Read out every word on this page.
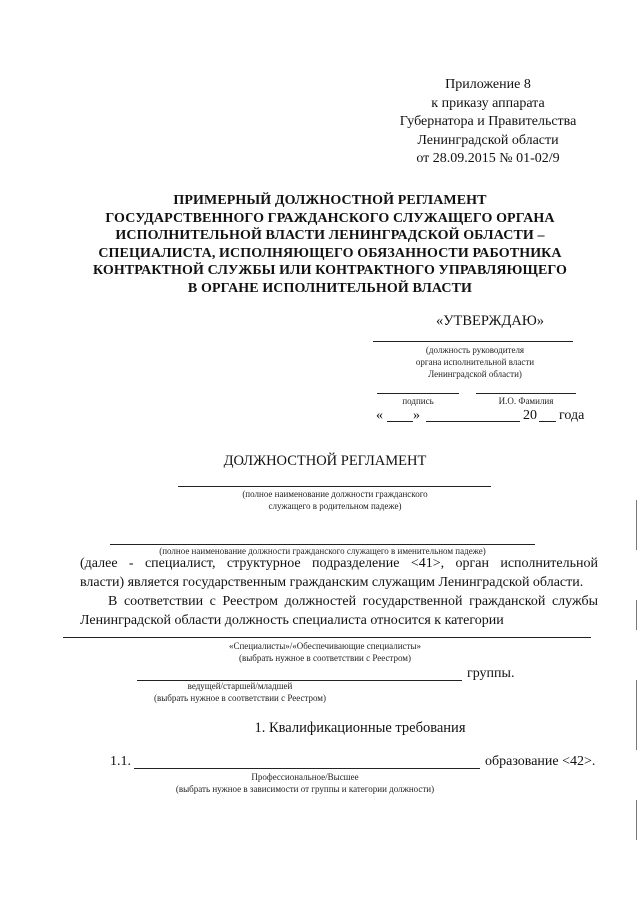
Приложение 8
к приказу аппарата
Губернатора и Правительства
Ленинградской области
от 28.09.2015 № 01-02/9
ПРИМЕРНЫЙ ДОЛЖНОСТНОЙ РЕГЛАМЕНТ
ГОСУДАРСТВЕННОГО ГРАЖДАНСКОГО СЛУЖАЩЕГО ОРГАНА
ИСПОЛНИТЕЛЬНОЙ ВЛАСТИ ЛЕНИНГРАДСКОЙ ОБЛАСТИ –
СПЕЦИАЛИСТА, ИСПОЛНЯЮЩЕГО ОБЯЗАННОСТИ РАБОТНИКА
КОНТРАКТНОЙ СЛУЖБЫ ИЛИ КОНТРАКТНОГО УПРАВЛЯЮЩЕГО
В ОРГАНЕ ИСПОЛНИТЕЛЬНОЙ ВЛАСТИ
«УТВЕРЖДАЮ»
(должность руководителя
органа исполнительной власти
Ленинградской области)
подпись	И.О. Фамилия
« »	20 года
ДОЛЖНОСТНОЙ РЕГЛАМЕНТ
(полное наименование должности гражданского
служащего в родительном падеже)
(полное наименование должности гражданского служащего в именительном падеже)
(далее - специалист, структурное подразделение <41>, орган исполнительной
власти) является государственным гражданским служащим Ленинградской области.
В соответствии с Реестром должностей государственной гражданской службы
Ленинградской области должность специалиста относится к категории
«Специалисты»/«Обеспечивающие специалисты»
(выбрать нужное в соответствии с Реестром)
группы.
ведущей/старшей/младшей
(выбрать нужное в соответствии с Реестром)
1. Квалификационные требования
1.1.	образование <42>.
Профессиональное/Высшее
(выбрать нужное в зависимости от группы и категории должности)
